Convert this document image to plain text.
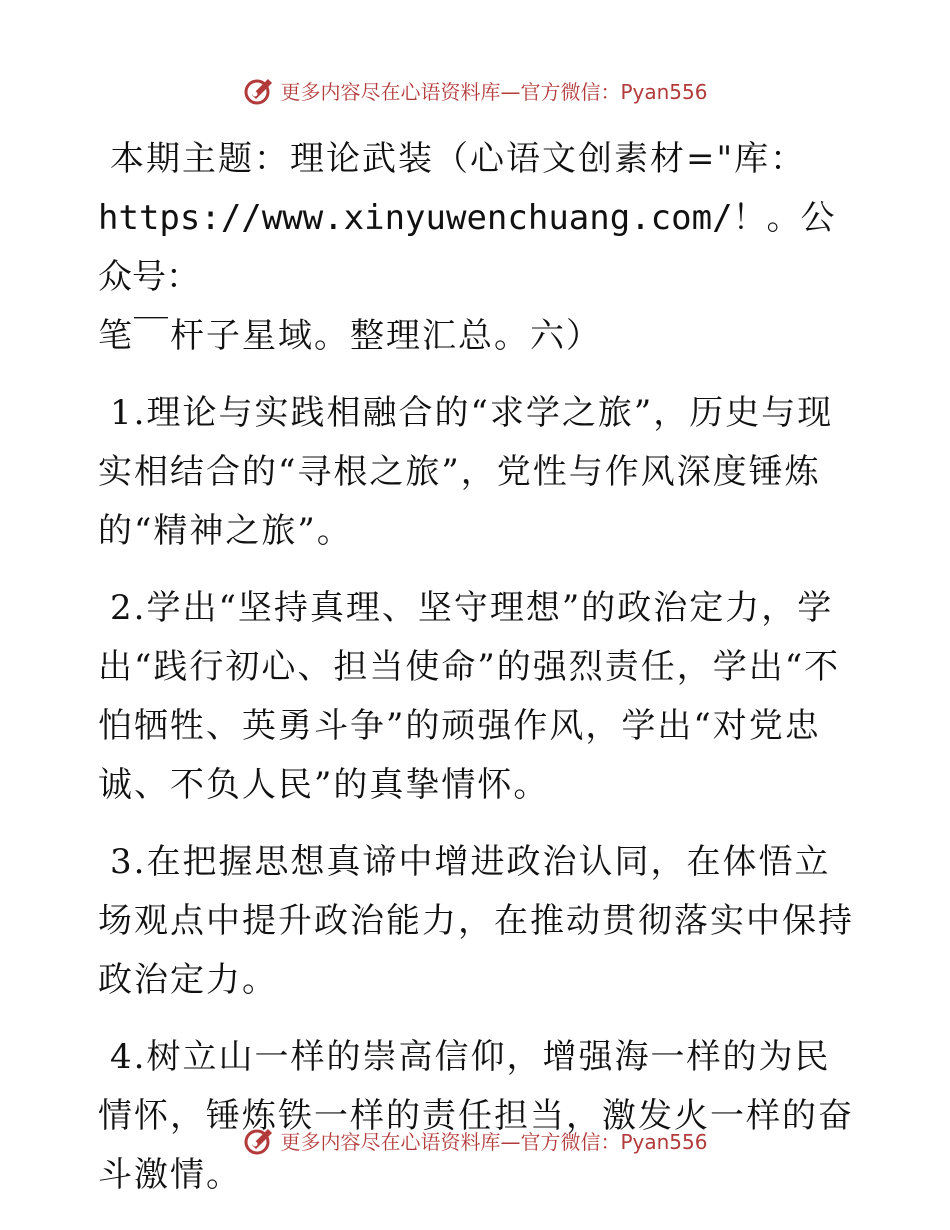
更多内容尽在心语资料库—官方微信：Pyan556

本期主题：理论武装（心语文创素材="库：
https://www.xinyuwenchuang.com/！。公众号：
笔￣杆子星域。整理汇总。六）

1.理论与实践相融合的“求学之旅”，历史与现实相结合的“寻根之旅”，党性与作风深度锤炼的“精神之旅”。

2.学出“坚持真理、坚守理想”的政治定力，学出“践行初心、担当使命”的强烈责任，学出“不怕牺牲、英勇斗争”的顽强作风，学出“对党忠诚、不负人民”的真挚情怀。

3.在把握思想真谛中增进政治认同，在体悟立场观点中提升政治能力，在推动贯彻落实中保持政治定力。

4.树立山一样的崇高信仰，增强海一样的为民情怀，锤炼铁一样的责任担当，激发火一样的奋斗激情。

更多内容尽在心语资料库—官方微信：Pyan556
